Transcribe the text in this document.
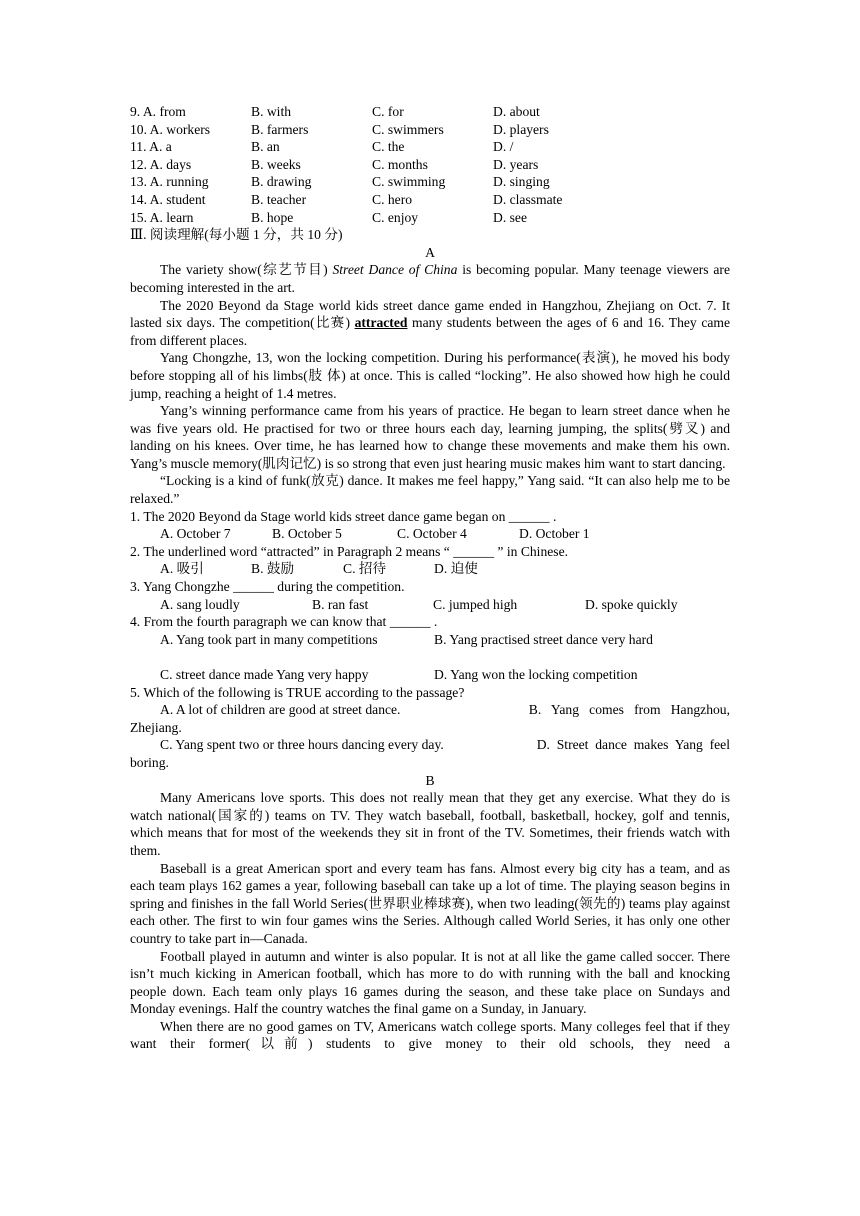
9. A. from	B. with	C. for	D. about
10. A. workers	B. farmers	C. swimmers	D. players
11. A. a	B. an	C. the	D. /
12. A. days	B. weeks	C. months	D. years
13. A. running	B. drawing	C. swimming	D. singing
14. A. student	B. teacher	C. hero	D. classmate
15. A. learn	B. hope	C. enjoy	D. see
Ⅲ. 阅读理解(每小题 1 分，共 10 分)
A

The variety show(综艺节目) Street Dance of China is becoming popular. Many teenage viewers are becoming interested in the art.

The 2020 Beyond da Stage world kids street dance game ended in Hangzhou, Zhejiang on Oct. 7. It lasted six days. The competition(比赛) attracted many students between the ages of 6 and 16. They came from different places.

Yang Chongzhe, 13, won the locking competition. During his performance(表演), he moved his body before stopping all of his limbs(肢 体) at once. This is called “locking”. He also showed how high he could jump, reaching a height of 1.4 metres.

Yang’s winning performance came from his years of practice. He began to learn street dance when he was five years old. He practised for two or three hours each day, learning jumping, the splits(劈叉) and landing on his knees. Over time, he has learned how to change these movements and make them his own. Yang’s muscle memory(肌肉记忆) is so strong that even just hearing music makes him want to start dancing.

“Locking is a kind of funk(放克) dance. It makes me feel happy,” Yang said. “It can also help me to be relaxed.”

1. The 2020 Beyond da Stage world kids street dance game began on ______ .

A. October 7	B. October 5	C. October 4	D. October 1

2. The underlined word “attracted” in Paragraph 2 means “ ______ ” in Chinese.

A. 吸引	B. 鼓励	C. 招待	D. 迫使

3. Yang Chongzhe ______ during the competition.

A. sang loudly	B. ran fast	C. jumped high	D. spoke quickly

4. From the fourth paragraph we can know that ______ .

A. Yang took part in many competitions	B. Yang practised street dance very hard
C. street dance made Yang very happy	D. Yang won the locking competition

5. Which of the following is TRUE according to the passage?

A. A lot of children are good at street dance.	B.   Yang   comes   from   Hangzhou,
Zhejiang.
C. Yang spent two or three hours dancing every day.	D.  Street  dance  makes  Yang  feel
boring.
B

Many Americans love sports. This does not really mean that they get any exercise. What they do is watch national(国家的) teams on TV. They watch baseball, football, basketball, hockey, golf and tennis, which means that for most of the weekends they sit in front of the TV. Sometimes, their friends watch with them.

Baseball is a great American sport and every team has fans. Almost every big city has a team, and as each team plays 162 games a year, following baseball can take up a lot of time. The playing season begins in spring and finishes in the fall World Series(世界职业棒球赛), when two leading(领先的) teams play against each other. The first to win four games wins the Series. Although called World Series, it has only one other country to take part in—Canada.

Football played in autumn and winter is also popular. It is not at all like the game called soccer. There isn’t much kicking in American football, which has more to do with running with the ball and knocking people down. Each team only plays 16 games during the season, and these take place on Sundays and Monday evenings. Half the country watches the final game on a Sunday, in January.

When there are no good games on TV, Americans watch college sports. Many colleges feel that if they want their former(以前) students to give money to their old schools, they need a
